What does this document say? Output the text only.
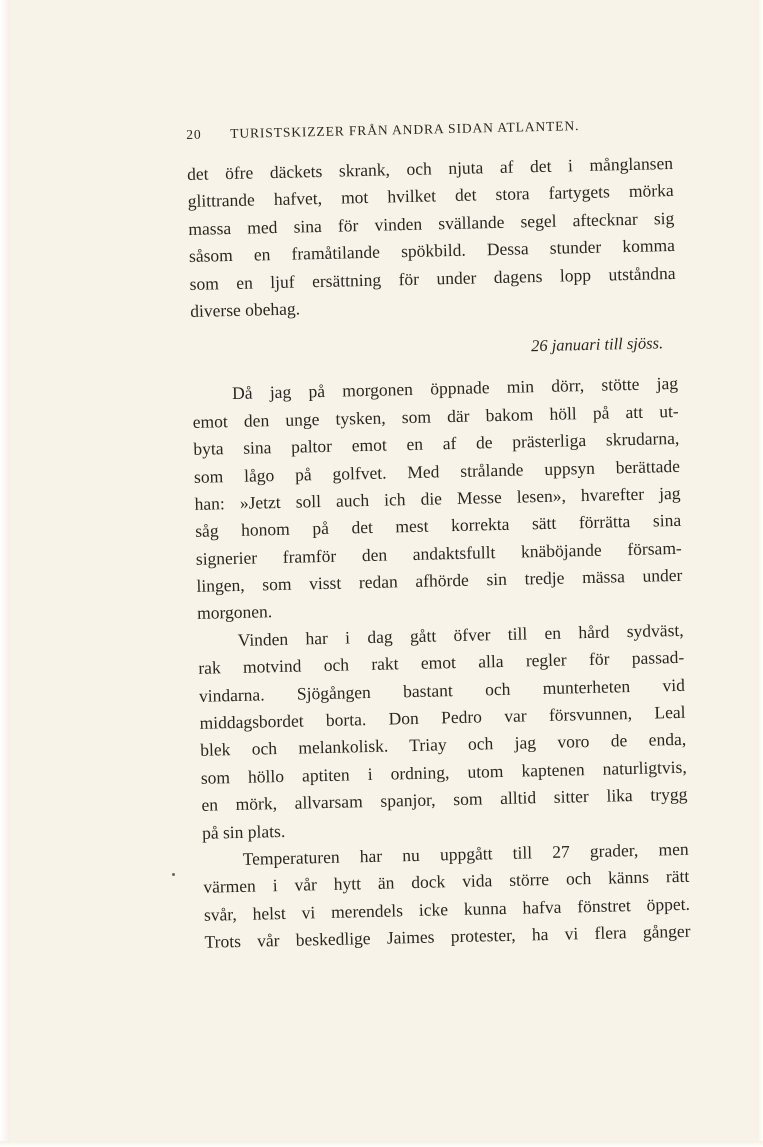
20 TURISTSKIZZER FRÅN ANDRA SIDAN ATLANTEN.
det öfre däckets skrank, och njuta af det i månglansen
glittrande hafvet, mot hvilket det stora fartygets mörka
massa med sina för vinden svällande segel aftecknar sig
såsom en framåtilande spökbild. Dessa stunder komma
som en ljuf ersättning för under dagens lopp utståndna
diverse obehag.
26 januari till sjöss.
Då jag på morgonen öppnade min dörr, stötte jag
emot den unge tysken, som där bakom höll på att ut-
byta sina paltor emot en af de prästerliga skrudarna,
som lågo på golfvet. Med strålande uppsyn berättade
han: »Jetzt soll auch ich die Messe lesen», hvarefter jag
såg honom på det mest korrekta sätt förrätta sina
signerier framför den andaktsfullt knäböjande försam-
lingen, som visst redan afhörde sin tredje mässa under
morgonen.
Vinden har i dag gått öfver till en hård sydväst,
rak motvind och rakt emot alla regler för passad-
vindarna. Sjögången bastant och munterheten vid
middagsbordet borta. Don Pedro var försvunnen, Leal
blek och melankolisk. Triay och jag voro de enda,
som höllo aptiten i ordning, utom kaptenen naturligtvis,
en mörk, allvarsam spanjor, som alltid sitter lika trygg
på sin plats.
Temperaturen har nu uppgått till 27 grader, men
värmen i vår hytt än dock vida större och känns rätt
svår, helst vi merendels icke kunna hafva fönstret öppet.
Trots vår beskedlige Jaimes protester, ha vi flera gånger
